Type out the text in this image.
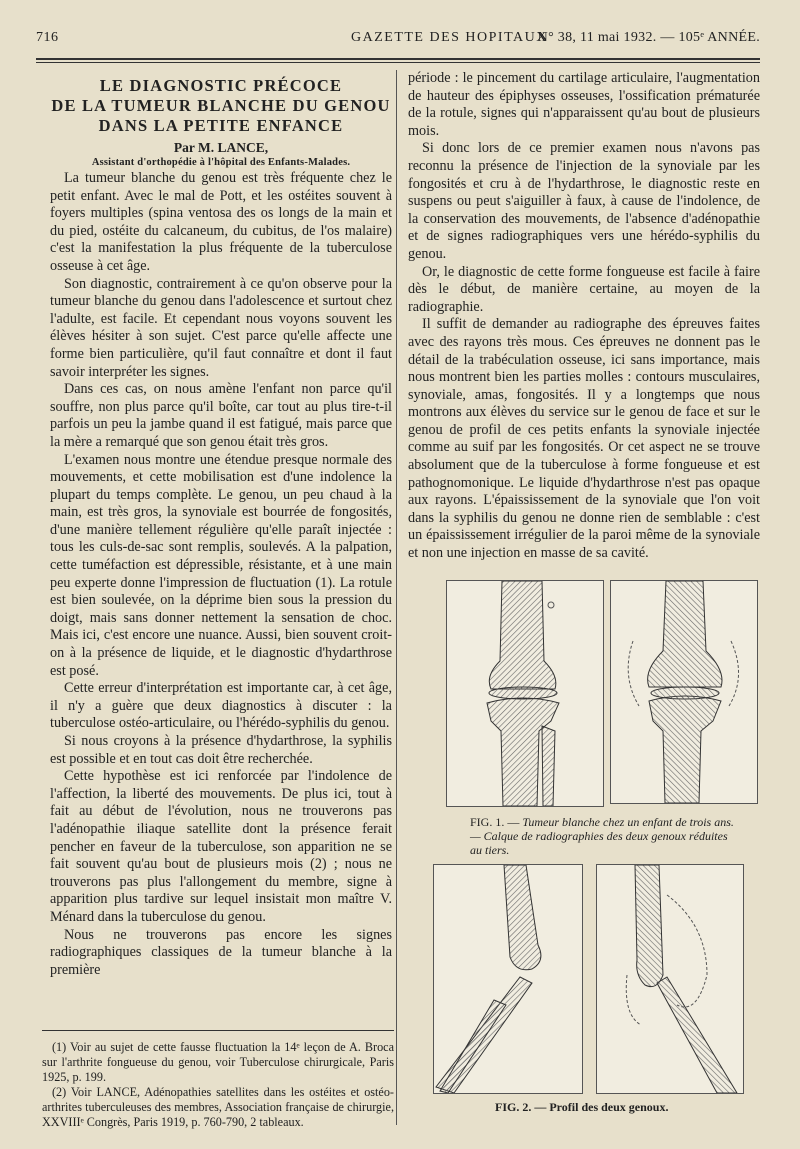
716	GAZETTE DES HOPITAUX
N° 38, 11 mai 1932. — 105ᵉ ANNÉE.
LE DIAGNOSTIC PRÉCOCE
DE LA TUMEUR BLANCHE DU GENOU
DANS LA PETITE ENFANCE

Par M. LANCE,

Assistant d'orthopédie à l'hôpital des Enfants-Malades.

La tumeur blanche du genou est très fréquente chez le petit enfant. Avec le mal de Pott, et les ostéites souvent à foyers multiples (spina ventosa des os longs de la main et du pied, ostéite du calcaneum, du cubitus, de l'os malaire) c'est la manifestation la plus fréquente de la tuberculose osseuse à cet âge.

Son diagnostic, contrairement à ce qu'on observe pour la tumeur blanche du genou dans l'adolescence et surtout chez l'adulte, est facile. Et cependant nous voyons souvent les élèves hésiter à son sujet. C'est parce qu'elle affecte une forme bien particulière, qu'il faut connaître et dont il faut savoir interpréter les signes.

Dans ces cas, on nous amène l'enfant non parce qu'il souffre, non plus parce qu'il boîte, car tout au plus tire-t-il parfois un peu la jambe quand il est fatigué, mais parce que la mère a remarqué que son genou était très gros.

L'examen nous montre une étendue presque normale des mouvements, et cette mobilisation est d'une indolence la plupart du temps complète. Le genou, un peu chaud à la main, est très gros, la synoviale est bourrée de fongosités, d'une manière tellement régulière qu'elle paraît injectée : tous les culs-de-sac sont remplis, soulevés. A la palpation, cette tuméfaction est dépressible, résistante, et à une main peu experte donne l'impression de fluctuation (1). La rotule est bien soulevée, on la déprime bien sous la pression du doigt, mais sans donner nettement la sensation de choc. Mais ici, c'est encore une nuance. Aussi, bien souvent croit-on à la présence de liquide, et le diagnostic d'hydarthrose est posé.

Cette erreur d'interprétation est importante car, à cet âge, il n'y a guère que deux diagnostics à discuter : la tuberculose ostéo-articulaire, ou l'hérédo-syphilis du genou.

Si nous croyons à la présence d'hydarthrose, la syphilis est possible et en tout cas doit être recherchée.

Cette hypothèse est ici renforcée par l'indolence de l'affection, la liberté des mouvements. De plus ici, tout à fait au début de l'évolution, nous ne trouverons pas l'adénopathie iliaque satellite dont la présence ferait pencher en faveur de la tuberculose, son apparition ne se fait souvent qu'au bout de plusieurs mois (2) ; nous ne trouverons pas plus l'allongement du membre, signe à apparition plus tardive sur lequel insistait mon maître V. Ménard dans la tuberculose du genou.

Nous ne trouverons pas encore les signes radiographiques classiques de la tumeur blanche à la première

(1) Voir au sujet de cette fausse fluctuation la 14ᵉ leçon de A. Broca sur l'arthrite fongueuse du genou, voir Tuberculose chirurgicale, Paris 1925, p. 199.

(2) Voir LANCE, Adénopathies satellites dans les ostéites et ostéo-arthrites tuberculeuses des membres, Association française de chirurgie, XXVIIIᵉ Congrès, Paris 1919, p. 760-790, 2 tableaux.

période : le pincement du cartilage articulaire, l'augmentation de hauteur des épiphyses osseuses, l'ossification prématurée de la rotule, signes qui n'apparaissent qu'au bout de plusieurs mois.

Si donc lors de ce premier examen nous n'avons pas reconnu la présence de l'injection de la synoviale par les fongosités et cru à de l'hydarthrose, le diagnostic reste en suspens ou peut s'aiguiller à faux, à cause de l'indolence, de la conservation des mouvements, de l'absence d'adénopathie et de signes radiographiques vers une hérédo-syphilis du genou.

Or, le diagnostic de cette forme fongueuse est facile à faire dès le début, de manière certaine, au moyen de la radiographie.

Il suffit de demander au radiographe des épreuves faites avec des rayons très mous. Ces épreuves ne donnent pas le détail de la trabéculation osseuse, ici sans importance, mais nous montrent bien les parties molles : contours musculaires, synoviale, amas, fongosités. Il y a longtemps que nous montrons aux élèves du service sur le genou de face et sur le genou de profil de ces petits enfants la synoviale injectée comme au suif par les fongosités. Or cet aspect ne se trouve absolument que de la tuberculose à forme fongueuse et est pathognomonique. Le liquide d'hydarthrose n'est pas opaque aux rayons. L'épaississement de la synoviale que l'on voit dans la syphilis du genou ne donne rien de semblable : c'est un épaississement irrégulier de la paroi même de la synoviale et non une injection en masse de sa cavité.

FIG. 1. — Tumeur blanche chez un enfant de trois ans. — Calque de radiographies des deux genoux réduites au tiers.
FIG. 2. — Profil des deux genoux.
